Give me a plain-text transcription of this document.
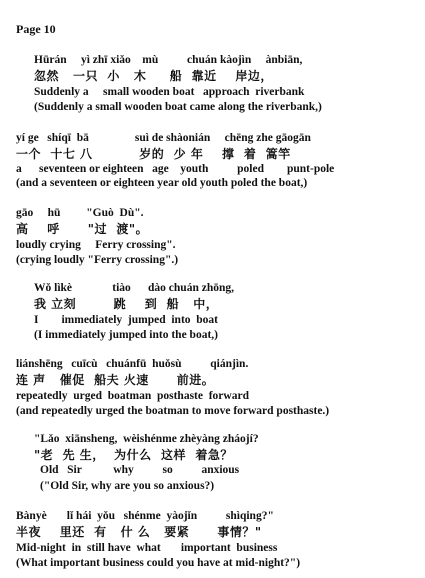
Page 10
Hūrán     yì zhī xiǎo    mù          chuán kàojìn     ànbiān,
忽然   一只  小   木     船  靠近    岸边，
Suddenly a     small wooden boat   approach  riverbank
(Suddenly a small wooden boat came along the riverbank,)
yí ge   shíqī  bā                suì de shàonián     chēng zhe gāogān
一个  十七 八          岁的  少 年    撑  着  篙竿
a      seventeen or eighteen   age    youth          poled        punt-pole
(and a seventeen or eighteen year old youth poled the boat,)
gāo     hū         "Guò  Dù".
高    呼      "过  渡"。
loudly crying     Ferry crossing".
(crying loudly "Ferry crossing".)
Wǒ lìkè              tiào      dào chuán zhōng,
我 立刻        跳    到  船   中，
I        immediately  jumped  into  boat
(I immediately jumped into the boat,)
liánshēng   cuīcù   chuánfū  huǒsù          qiánjìn.
连 声   催促  船夫 火速      前进。
repeatedly  urged  boatman  posthaste  forward
(and repeatedly urged the boatman to move forward posthaste.)
"Lǎo  xiānsheng,  wèishénme zhèyàng zháojí?
"老  先 生，  为什么  这样  着急？
Old   Sir           why          so          anxious
("Old Sir, why are you so anxious?)
Bànyè       lǐ hái  yǒu   shénme  yàojǐn          shìqing?"
半夜    里还  有   什 么   要紧      事情？"
Mid-night  in  still have  what       important  business
(What important business could you have at mid-night?")
